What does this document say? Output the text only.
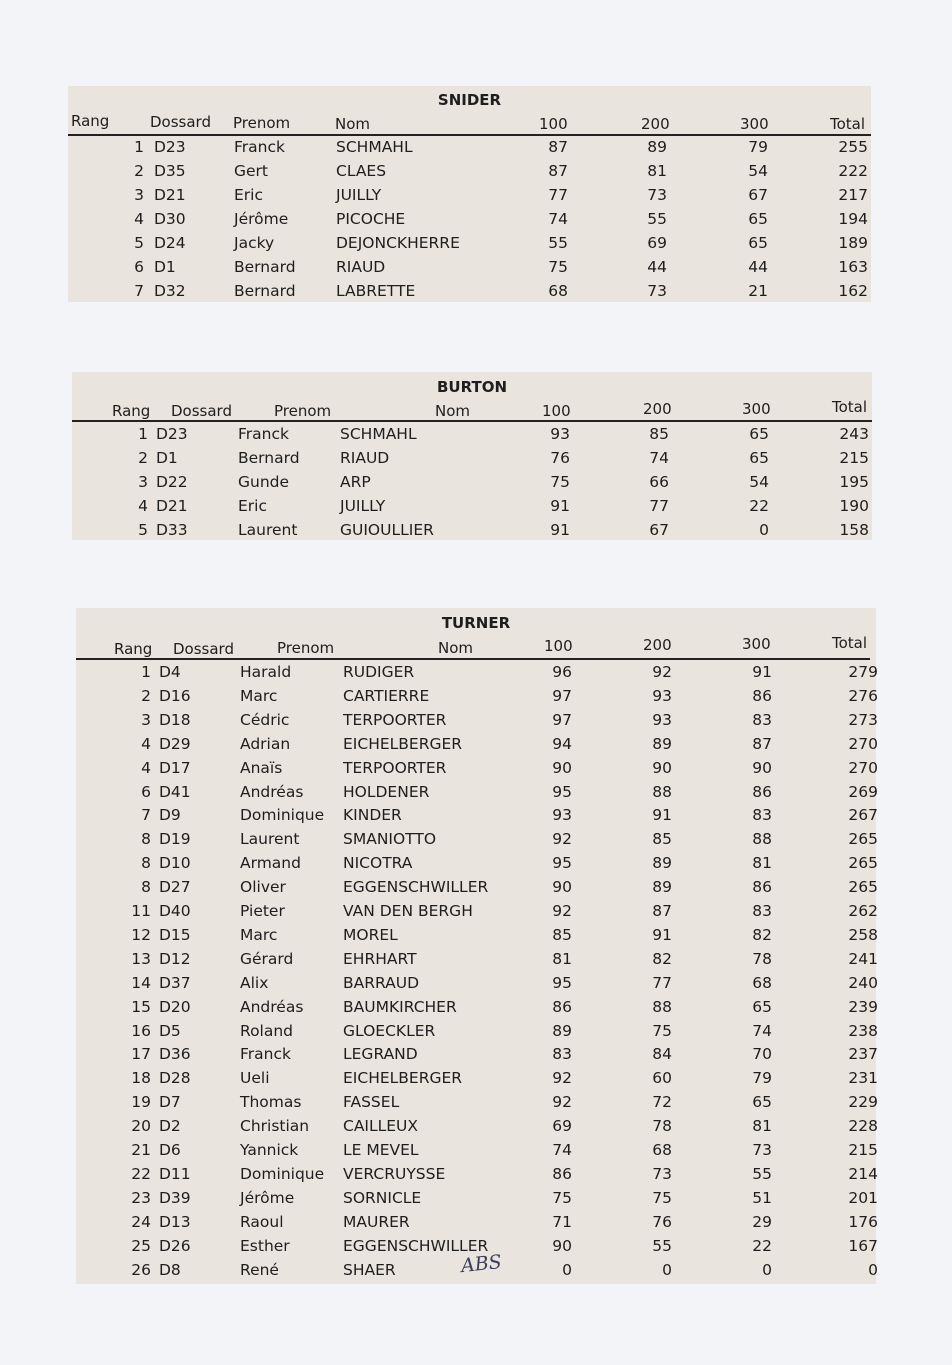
SNIDER
Rang	Dossard Prenom	Nom	100	200	300	Total
1 D23	Franck	SCHMAHL	87	89	79	255
2 D35	Gert	CLAES	87	81	54	222
3 D21	Eric	JUILLY	77	73	67	217
4 D30	Jérôme	PICOCHE	74	55	65	194
5 D24	Jacky	DEJONCKHERRE	55	69	65	189
6 D1	Bernard	RIAUD	75	44	44	163
7 D32	Bernard	LABRETTE	68	73	21	162
BURTON
Rang Dossard	Prenom	Nom	100	200	300	Total
1 D23	Franck	SCHMAHL	93	85	65	243
2 D1	Bernard	RIAUD	76	74	65	215
3 D22	Gunde	ARP	75	66	54	195
4 D21	Eric	JUILLY	91	77	22	190
5 D33	Laurent	GUIOULLIER	91	67	0	158
TURNER
Rang Dossard	Prenom	Nom	100	200	300	Total
ABS
1 D4	Harald	RUDIGER	96	92	91	279
2 D16	Marc	CARTIERRE	97	93	86	276
3 D18	Cédric	TERPOORTER	97	93	83	273
4 D29	Adrian	EICHELBERGER	94	89	87	270
4 D17	Anaïs	TERPOORTER	90	90	90	270
6 D41	Andréas	HOLDENER	95	88	86	269
7 D9	Dominique KINDER	93	91	83	267
8 D19	Laurent	SMANIOTTO	92	85	88	265
8 D10	Armand	NICOTRA	95	89	81	265
8 D27	Oliver	EGGENSCHWILLER	90	89	86	265
11 D40	Pieter	VAN DEN BERGH	92	87	83	262
12 D15	Marc	MOREL	85	91	82	258
13 D12	Gérard	EHRHART	81	82	78	241
14 D37	Alix	BARRAUD	95	77	68	240
15 D20	Andréas	BAUMKIRCHER	86	88	65	239
16 D5	Roland	GLOECKLER	89	75	74	238
17 D36	Franck	LEGRAND	83	84	70	237
18 D28	Ueli	EICHELBERGER	92	60	79	231
19 D7	Thomas	FASSEL	92	72	65	229
20 D2	Christian CAILLEUX	69	78	81	228
21 D6	Yannick	LE MEVEL	74	68	73	215
22 D11	Dominique VERCRUYSSE	86	73	55	214
23 D39	Jérôme	SORNICLE	75	75	51	201
24 D13	Raoul	MAURER	71	76	29	176
25 D26	Esther	EGGENSCHWILLER	90	55	22	167
26 D8	René	SHAER	0	0	0	0
